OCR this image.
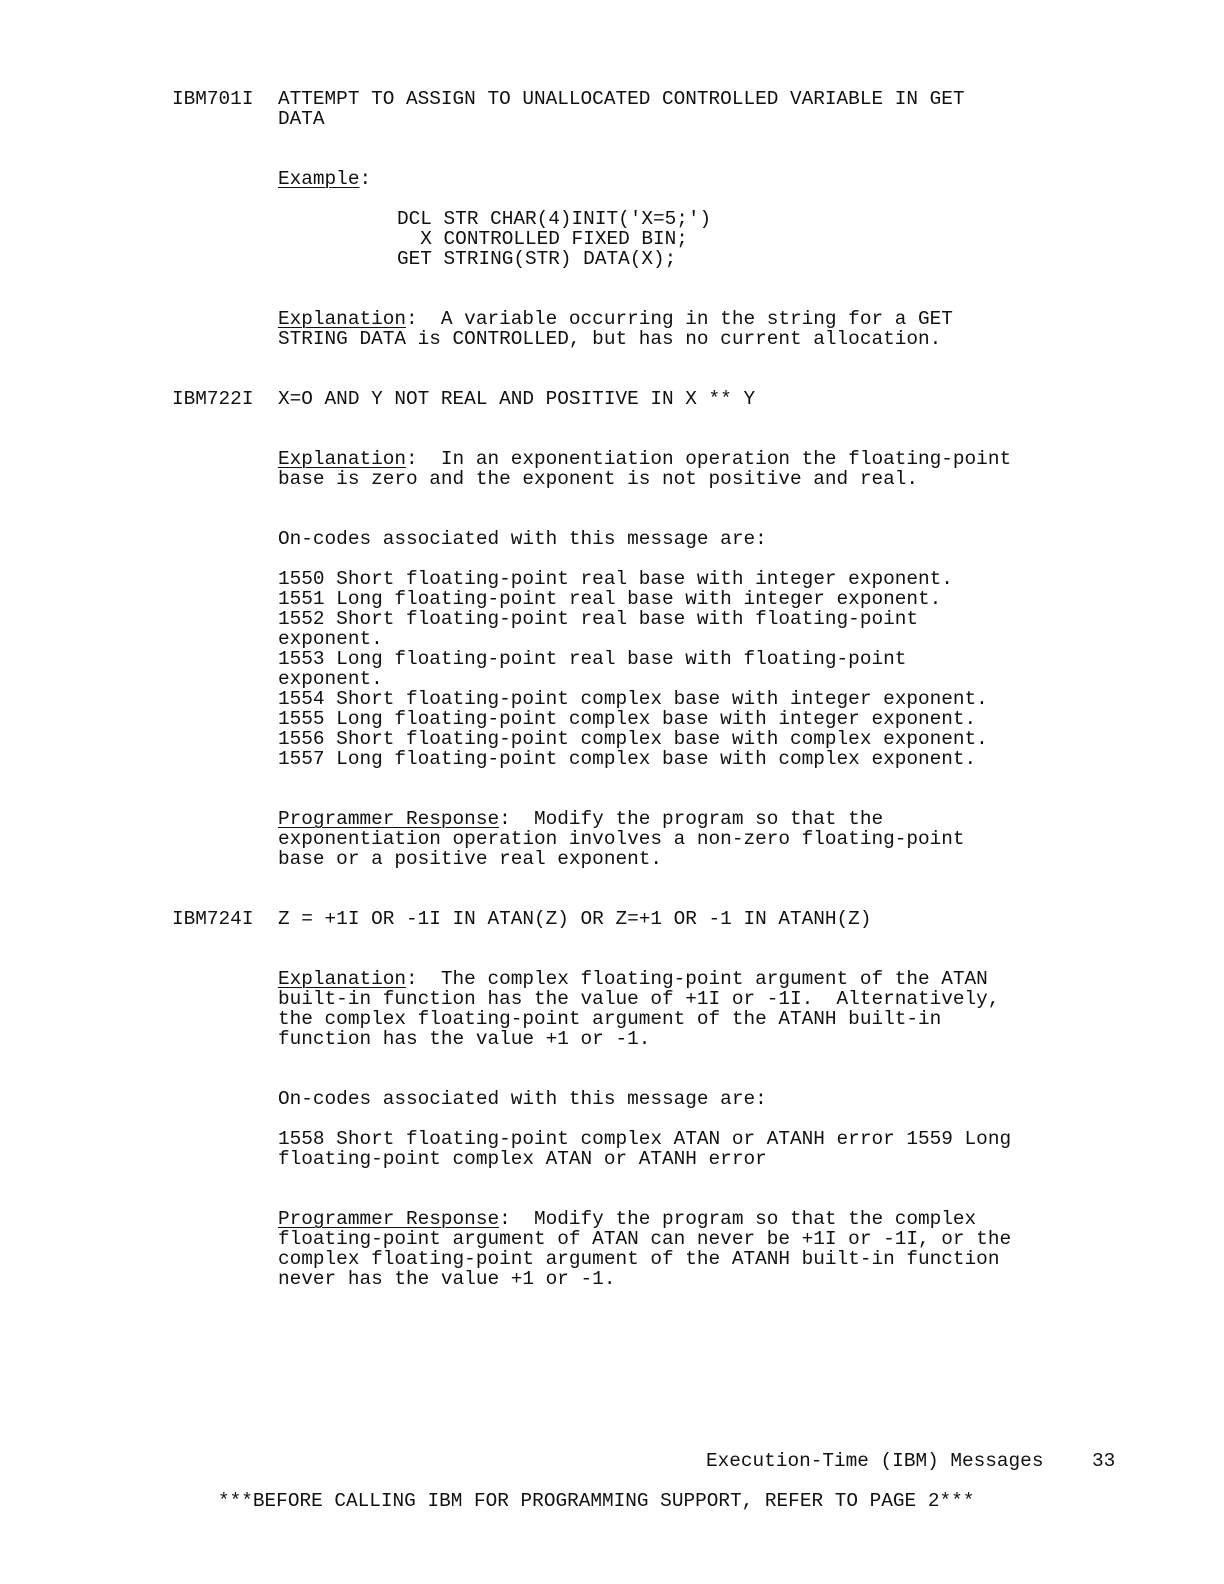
IBM701I ATTEMPT TO ASSIGN TO UNALLOCATED CONTROLLED VARIABLE IN GET
DATA
Example:
DCL STR CHAR(4)INIT('X=5;')
X CONTROLLED FIXED BIN;
GET STRING(STR) DATA(X);
Explanation:  A variable occurring in the string for a GET
STRING DATA is CONTROLLED, but has no current allocation.
IBM722I X=O AND Y NOT REAL AND POSITIVE IN X ** Y
Explanation:  In an exponentiation operation the floating-point
base is zero and the exponent is not positive and real.
On-codes associated with this message are:
1550 Short floating-point real base with integer exponent.
1551 Long floating-point real base with integer exponent.
1552 Short floating-point real base with floating-point
exponent.
1553 Long floating-point real base with floating-point
exponent.
1554 Short floating-point complex base with integer exponent.
1555 Long floating-point complex base with integer exponent.
1556 Short floating-point complex base with complex exponent.
1557 Long floating-point complex base with complex exponent.
Programmer Response:  Modify the program so that the
exponentiation operation involves a non-zero floating-point
base or a positive real exponent.
IBM724I Z = +1I OR -1I IN ATAN(Z) OR Z=+1 OR -1 IN ATANH(Z)
Explanation:  The complex floating-point argument of the ATAN
built-in function has the value of +1I or -1I.  Alternatively,
the complex floating-point argument of the ATANH built-in
function has the value +1 or -1.
On-codes associated with this message are:
1558 Short floating-point complex ATAN or ATANH error 1559 Long
floating-point complex ATAN or ATANH error
Programmer Response:  Modify the program so that the complex
floating-point argument of ATAN can never be +1I or -1I, or the
complex floating-point argument of the ATANH built-in function
never has the value +1 or -1.
Execution-Time (IBM) Messages	33
***BEFORE CALLING IBM FOR PROGRAMMING SUPPORT, REFER TO PAGE 2***
